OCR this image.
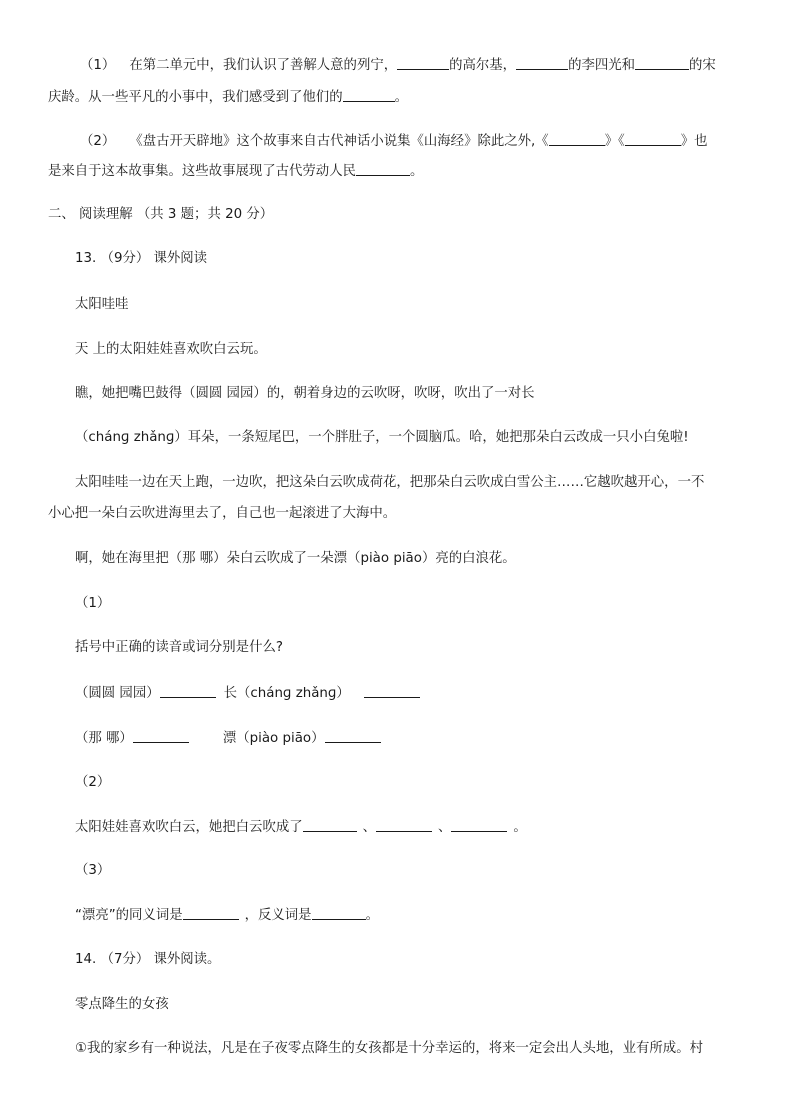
（1） 在第二单元中，我们认识了善解人意的列宁，	的高尔基，	的李四光和	的宋
庆龄。从一些平凡的小事中，我们感受到了他们的	。
（2） 《盘古开天辟地》这个故事来自古代神话小说集《山海经》除此之外,《	》《	》也
是来自于这本故事集。这些故事展现了古代劳动人民	。
二、 阅读理解 （共 3 题；共 20 分）
13. （9分） 课外阅读
太阳哇哇
天 上的太阳娃娃喜欢吹白云玩。
瞧，她把嘴巴鼓得（圆圆 园园）的，朝着身边的云吹呀，吹呀，吹出了一对长
（chánɡ zhǎnɡ）耳朵，一条短尾巴，一个胖肚子，一个圆脑瓜。哈，她把那朵白云改成一只小白兔啦!
太阳哇哇一边在天上跑，一边吹，把这朵白云吹成荷花，把那朵白云吹成白雪公主……它越吹越开心，一不
小心把一朵白云吹进海里去了，自己也一起滚进了大海中。
啊，她在海里把（那 哪）朵白云吹成了一朵漂（piào piāo）亮的白浪花。
（1）
括号中正确的读音或词分别是什么?
（圆圆 园园）	长（chánɡ zhǎnɡ）
（那 哪）	漂（piào piāo）
（2）
太阳娃娃喜欢吹白云，她把白云吹成了	、	、	。
（3）
“漂亮”的同义词是	，反义词是	。
14. （7分） 课外阅读。
零点降生的女孩
①我的家乡有一种说法，凡是在子夜零点降生的女孩都是十分幸运的，将来一定会出人头地，业有所成。村
